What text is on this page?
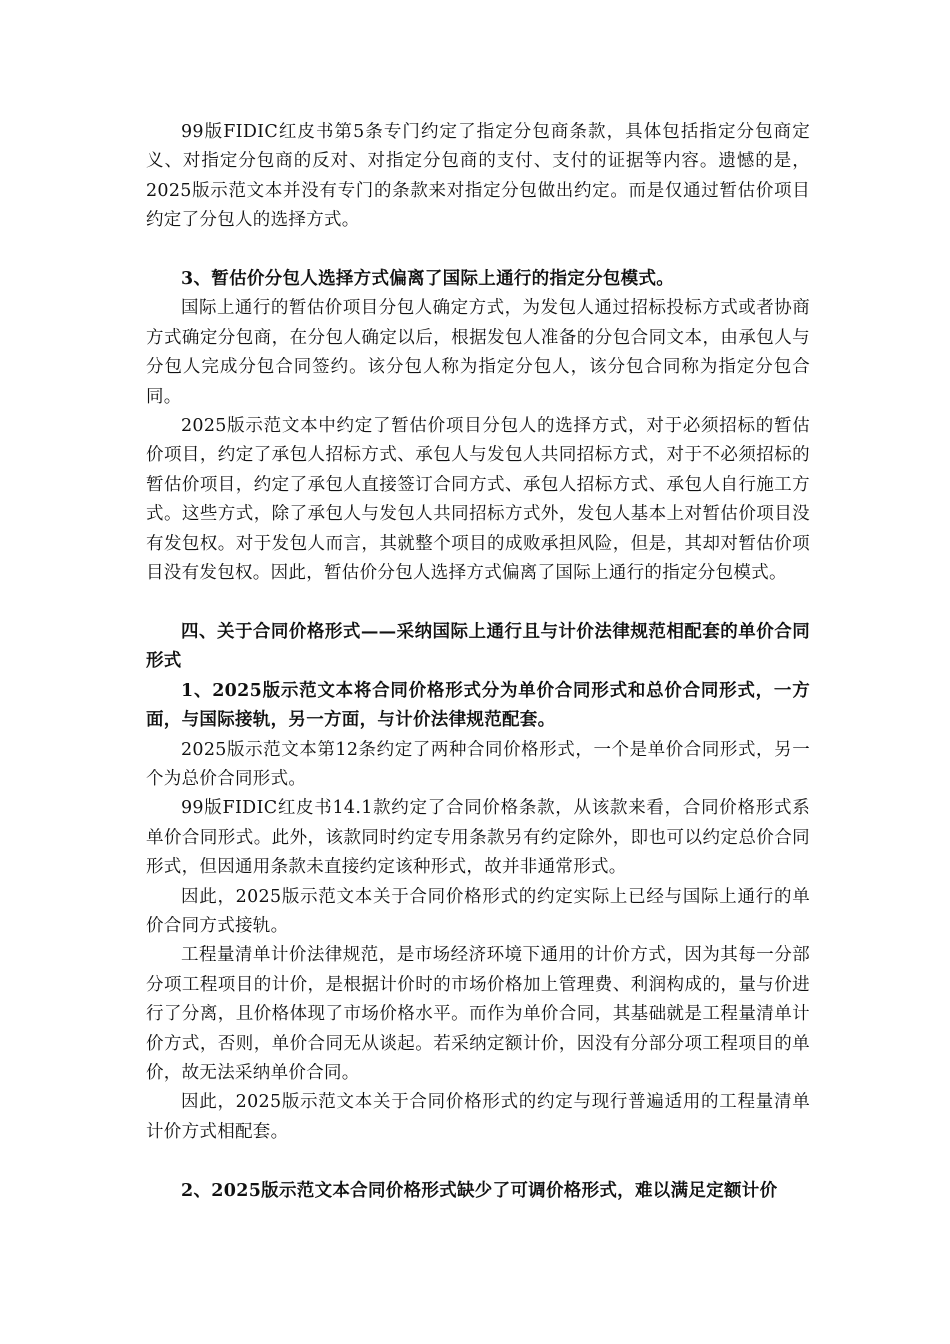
99版FIDIC红皮书第5条专门约定了指定分包商条款，具体包括指定分包商定义、对指定分包商的反对、对指定分包商的支付、支付的证据等内容。遗憾的是，2025版示范文本并没有专门的条款来对指定分包做出约定。而是仅通过暂估价项目约定了分包人的选择方式。

3、暂估价分包人选择方式偏离了国际上通行的指定分包模式。

国际上通行的暂估价项目分包人确定方式，为发包人通过招标投标方式或者协商方式确定分包商，在分包人确定以后，根据发包人准备的分包合同文本，由承包人与分包人完成分包合同签约。该分包人称为指定分包人，该分包合同称为指定分包合同。

2025版示范文本中约定了暂估价项目分包人的选择方式，对于必须招标的暂估价项目，约定了承包人招标方式、承包人与发包人共同招标方式，对于不必须招标的暂估价项目，约定了承包人直接签订合同方式、承包人招标方式、承包人自行施工方式。这些方式，除了承包人与发包人共同招标方式外，发包人基本上对暂估价项目没有发包权。对于发包人而言，其就整个项目的成败承担风险，但是，其却对暂估价项目没有发包权。因此，暂估价分包人选择方式偏离了国际上通行的指定分包模式。

四、关于合同价格形式——采纳国际上通行且与计价法律规范相配套的单价合同形式

1、2025版示范文本将合同价格形式分为单价合同形式和总价合同形式，一方面，与国际接轨，另一方面，与计价法律规范配套。

2025版示范文本第12条约定了两种合同价格形式，一个是单价合同形式，另一个为总价合同形式。

99版FIDIC红皮书14.1款约定了合同价格条款，从该款来看，合同价格形式系单价合同形式。此外，该款同时约定专用条款另有约定除外，即也可以约定总价合同形式，但因通用条款未直接约定该种形式，故并非通常形式。

因此，2025版示范文本关于合同价格形式的约定实际上已经与国际上通行的单价合同方式接轨。

工程量清单计价法律规范，是市场经济环境下通用的计价方式，因为其每一分部分项工程项目的计价，是根据计价时的市场价格加上管理费、利润构成的，量与价进行了分离，且价格体现了市场价格水平。而作为单价合同，其基础就是工程量清单计价方式，否则，单价合同无从谈起。若采纳定额计价，因没有分部分项工程项目的单价，故无法采纳单价合同。

因此，2025版示范文本关于合同价格形式的约定与现行普遍适用的工程量清单计价方式相配套。

2、2025版示范文本合同价格形式缺少了可调价格形式，难以满足定额计价
